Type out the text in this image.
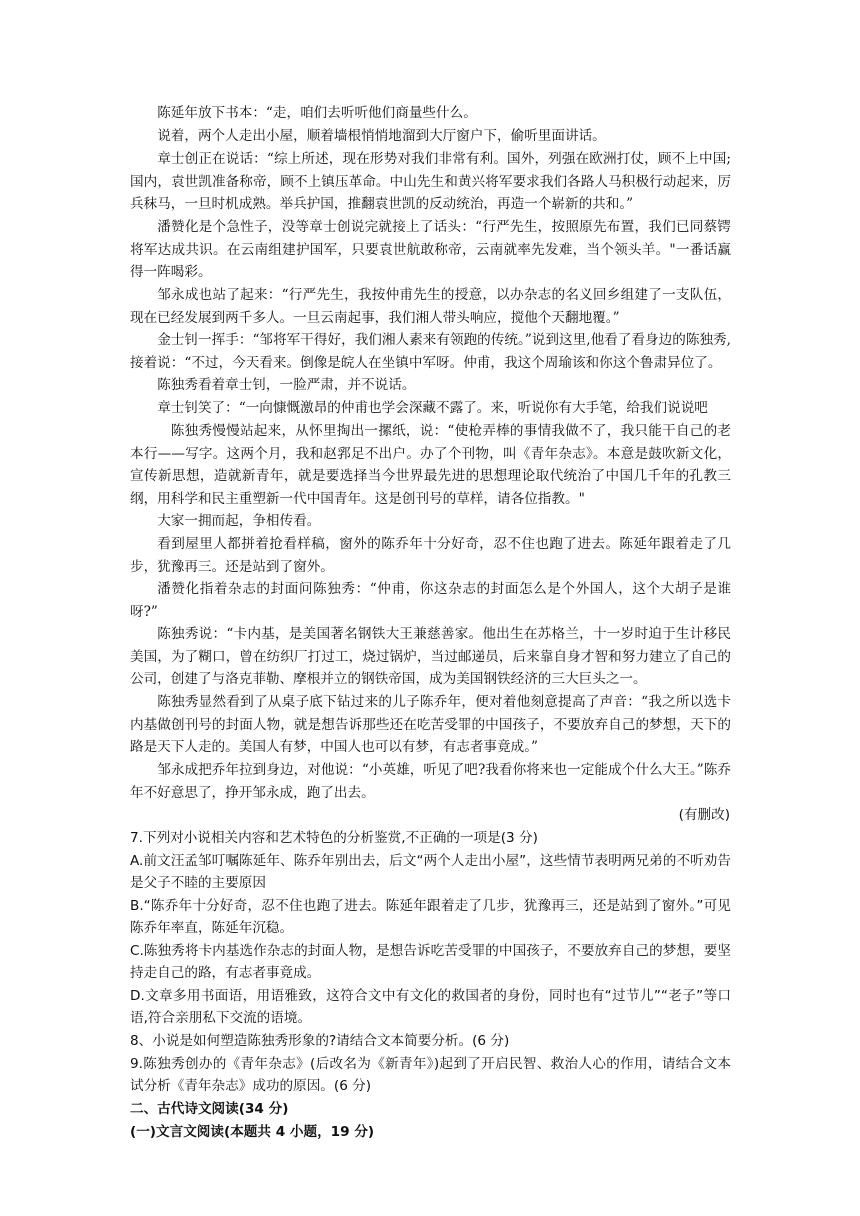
陈延年放下书本：“走，咱们去听听他们商量些什么。

说着，两个人走出小屋，顺着墙根悄悄地溜到大厅窗户下，偷听里面讲话。

章士创正在说话：“综上所述，现在形势对我们非常有利。国外，列强在欧洲打仗，顾不上中国;国内，袁世凯准备称帝，顾不上镇压革命。中山先生和黄兴将军要求我们各路人马积极行动起来，厉兵秣马，一旦时机成熟。举兵护国，推翻袁世凯的反动统治，再造一个崭新的共和。”

潘赞化是个急性子，没等章士创说完就接上了话头：“行严先生，按照原先布置，我们已同蔡锷将军达成共识。在云南组建护国军，只要袁世航敢称帝，云南就率先发难，当个领头羊。"一番话赢得一阵喝彩。

邹永成也站了起来：“行严先生，我按仲甫先生的授意，以办杂志的名义回乡组建了一支队伍，现在已经发展到两千多人。一旦云南起事，我们湘人带头响应，搅他个天翻地覆。”

金士钊一挥手：“邹将军干得好，我们湘人素来有领跑的传统。”说到这里,他看了看身边的陈独秀,接着说：“不过，今天看来。倒像是皖人在坐镇中军呀。仲甫，我这个周瑜该和你这个鲁肃异位了。

陈独秀看着章士钊，一脸严肃，并不说话。

章士钊笑了：“一向慷慨激昂的仲甫也学会深藏不露了。来，听说你有大手笔，给我们说说吧

陈独秀慢慢站起来，从怀里掏出一摞纸，说：“使枪弄棒的事情我做不了，我只能干自己的老本行——写字。这两个月，我和赵郛足不出户。办了个刊物，叫《青年杂志》。本意是鼓吹新文化，宣传新思想，造就新青年，就是要选择当今世界最先进的思想理论取代统治了中国几千年的孔教三纲，用科学和民主重塑新一代中国青年。这是创刊号的草样，请各位指教。"

大家一拥而起，争相传看。

看到屋里人都拼着抢看样稿，窗外的陈乔年十分好奇，忍不住也跑了进去。陈延年跟着走了几步，犹豫再三。还是站到了窗外。

潘赞化指着杂志的封面问陈独秀：“仲甫，你这杂志的封面怎么是个外国人，这个大胡子是谁呀?”

陈独秀说：“卡内基，是美国著名钢铁大王兼慈善家。他出生在苏格兰，十一岁时迫于生计移民美国，为了糊口，曾在纺织厂打过工，烧过锅炉，当过邮递员，后来靠自身才智和努力建立了自己的公司，创建了与洛克菲勒、摩根并立的钢铁帝国，成为美国钢铁经济的三大巨头之一。

陈独秀显然看到了从桌子底下钻过来的儿子陈乔年，便对着他刻意提高了声音：“我之所以选卡内基做创刊号的封面人物，就是想告诉那些还在吃苦受罪的中国孩子，不要放弃自己的梦想，天下的路是天下人走的。美国人有梦，中国人也可以有梦，有志者事竟成。”

邹永成把乔年拉到身边，对他说：“小英雄，听见了吧?我看你将来也一定能成个什么大王。”陈乔年不好意思了，挣开邹永成，跑了出去。

(有删改)

7.下列对小说相关内容和艺术特色的分析鉴赏,不正确的一项是(3 分)

A.前文汪孟邹叮嘱陈延年、陈乔年别出去，后文“两个人走出小屋”，这些情节表明两兄弟的不听劝告是父子不睦的主要原因

B.“陈乔年十分好奇，忍不住也跑了进去。陈延年跟着走了几步，犹豫再三，还是站到了窗外。”可见陈乔年率直，陈延年沉稳。

C.陈独秀将卡内基选作杂志的封面人物，是想告诉吃苦受罪的中国孩子，不要放弃自己的梦想，要坚持走自己的路，有志者事竟成。

D.文章多用书面语，用语雅致，这符合文中有文化的救国者的身份，同时也有“过节儿”“老子”等口语,符合亲朋私下交流的语境。

8、小说是如何塑造陈独秀形象的?请结合文本简要分析。(6 分)

9.陈独秀创办的《青年杂志》(后改名为《新青年》)起到了开启民智、救治人心的作用，请结合文本试分析《青年杂志》成功的原因。(6 分)

二、古代诗文阅读(34 分)

(一)文言文阅读(本题共 4 小题，19 分)
